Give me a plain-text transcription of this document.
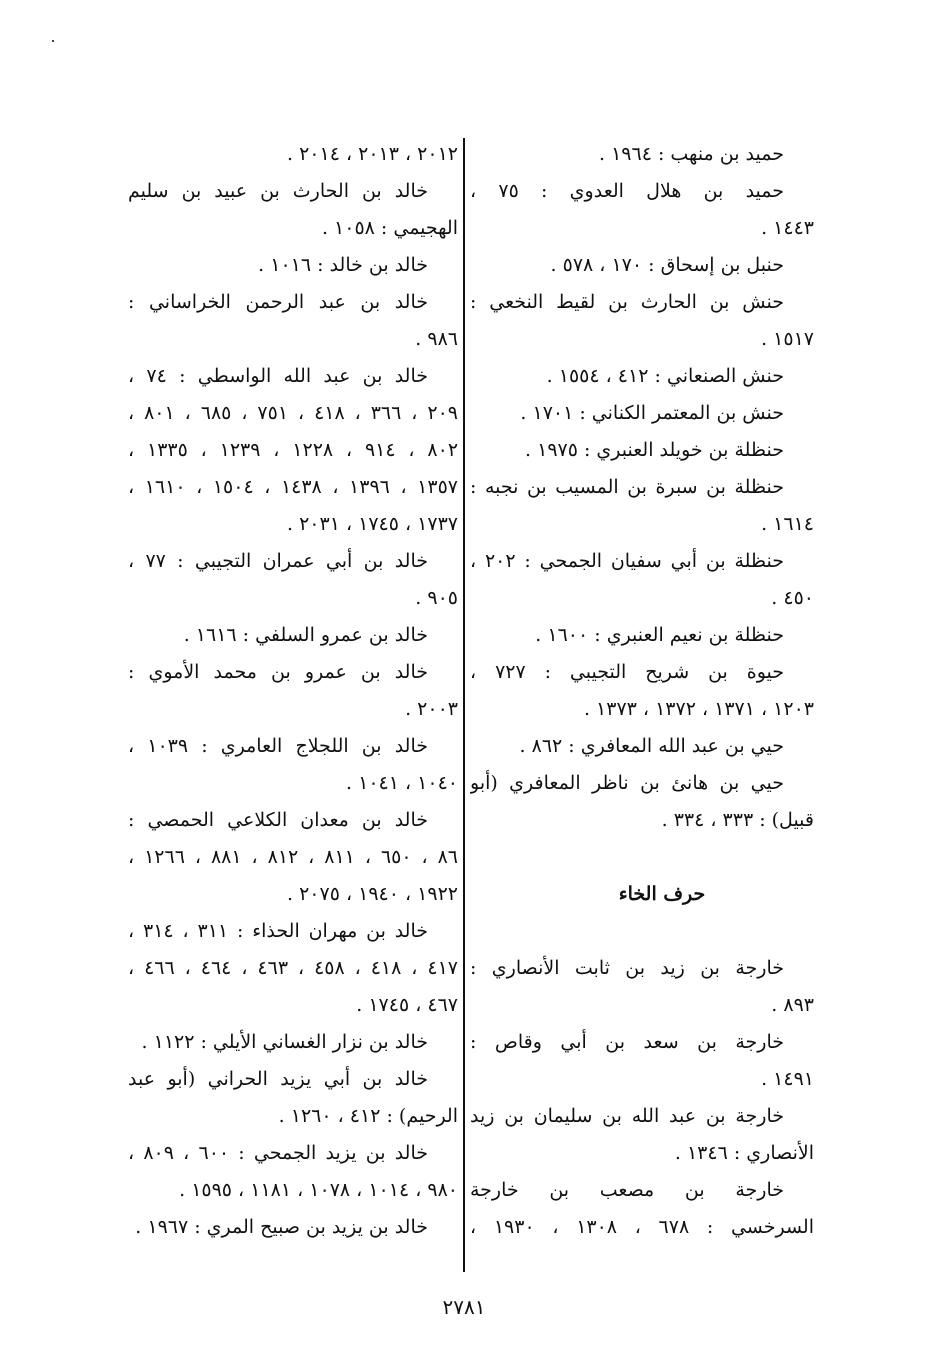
حميد بن منهب : ١٩٦٤ .
حميد بن هلال العدوي : ٧٥ ،
١٤٤٣ .
حنبل بن إسحاق : ١٧٠ ، ٥٧٨ .
حنش بن الحارث بن لقيط النخعي :
١٥١٧ .
حنش الصنعاني : ٤١٢ ، ١٥٥٤ .
حنش بن المعتمر الكناني : ١٧٠١ .
حنظلة بن خويلد العنبري : ١٩٧٥ .
حنظلة بن سبرة بن المسيب بن نجبه :
١٦١٤ .
حنظلة بن أبي سفيان الجمحي : ٢٠٢ ،
٤٥٠ .
حنظلة بن نعيم العنبري : ١٦٠٠ .
حيوة بن شريح التجيبي : ٧٢٧ ،
١٢٠٣ ، ١٣٧١ ، ١٣٧٢ ، ١٣٧٣ .
حيي بن عبد الله المعافري : ٨٦٢ .
حيي بن هانئ بن ناظر المعافري (أبو
قبيل) : ٣٣٣ ، ٣٣٤ .
حرف الخاء
خارجة بن زيد بن ثابت الأنصاري :
٨٩٣ .
خارجة بن سعد بن أبي وقاص :
١٤٩١ .
خارجة بن عبد الله بن سليمان بن زيد
الأنصاري : ١٣٤٦ .
خارجة بن مصعب بن خارجة
السرخسي : ٦٧٨ ، ١٣٠٨ ، ١٩٣٠ ،
٢٠١٢ ، ٢٠١٣ ، ٢٠١٤ .
خالد بن الحارث بن عبيد بن سليم
الهجيمي : ١٠٥٨ .
خالد بن خالد : ١٠١٦ .
خالد بن عبد الرحمن الخراساني :
٩٨٦ .
خالد بن عبد الله الواسطي : ٧٤ ،
٢٠٩ ، ٣٦٦ ، ٤١٨ ، ٧٥١ ، ٦٨٥ ، ٨٠١ ،
٨٠٢ ، ٩١٤ ، ١٢٢٨ ، ١٢٣٩ ، ١٣٣٥ ،
١٣٥٧ ، ١٣٩٦ ، ١٤٣٨ ، ١٥٠٤ ، ١٦١٠ ،
١٧٣٧ ، ١٧٤٥ ، ٢٠٣١ .
خالد بن أبي عمران التجيبي : ٧٧ ،
٩٠٥ .
خالد بن عمرو السلفي : ١٦١٦ .
خالد بن عمرو بن محمد الأموي :
٢٠٠٣ .
خالد بن اللجلاج العامري : ١٠٣٩ ،
١٠٤٠ ، ١٠٤١ .
خالد بن معدان الكلاعي الحمصي :
٨٦ ، ٦٥٠ ، ٨١١ ، ٨١٢ ، ٨٨١ ، ١٢٦٦ ،
١٩٢٢ ، ١٩٤٠ ، ٢٠٧٥ .
خالد بن مهران الحذاء : ٣١١ ، ٣١٤ ،
٤١٧ ، ٤١٨ ، ٤٥٨ ، ٤٦٣ ، ٤٦٤ ، ٤٦٦ ،
٤٦٧ ، ١٧٤٥ .
خالد بن نزار الغساني الأيلي : ١١٢٢ .
خالد بن أبي يزيد الحراني (أبو عبد
الرحيم) : ٤١٢ ، ١٢٦٠ .
خالد بن يزيد الجمحي : ٦٠٠ ، ٨٠٩ ،
٩٨٠ ، ١٠١٤ ، ١٠٧٨ ، ١١٨١ ، ١٥٩٥ .
خالد بن يزيد بن صبيح المري : ١٩٦٧ .
٢٧٨١
